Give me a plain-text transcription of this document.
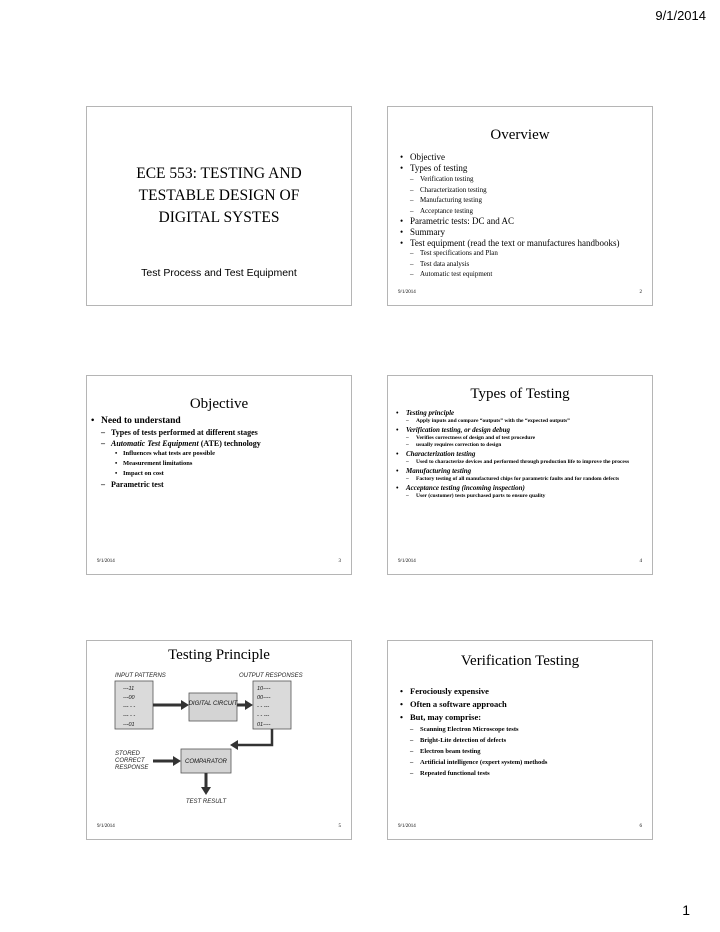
9/1/2014
ECE 553: TESTING AND TESTABLE DESIGN OF DIGITAL SYSTES
Test Process and Test Equipment
Overview
• Objective
• Types of testing
– Verification testing
– Characterization testing
– Manufacturing testing
– Acceptance testing
• Parametric tests: DC and AC
• Summary
• Test equipment (read the text or manufactures handbooks)
– Test specifications and Plan
– Test data analysis
– Automatic test equipment
9/1/2014	2
Objective
• Need to understand
– Types of tests performed at different stages
– Automatic Test Equipment (ATE) technology
• Influences what tests are possible
• Measurement limitations
• Impact on cost
– Parametric test
9/1/2014	3
Types of Testing
• Testing principle
– Apply inputs and compare “outputs” with the “expected outputs”
• Verification testing, or design debug
– Verifies correctness of design and of test procedure
– usually requires correction to design
• Characterization testing
– Used to characterize devices and performed through production life to improve the process
• Manufacturing testing
– Factory testing of all manufactured chips for parametric faults and for random defects
• Acceptance testing (incoming inspection)
– User (customer) tests purchased parts to ensure quality
9/1/2014	4
Testing Principle
INPUT PATTERNS	OUTPUT RESPONSES
---11
---00
--- - -
--- - -
---01
DIGITAL CIRCUIT
10----
00----
- - ---
- - ---
01----
STORED CORRECT RESPONSE
COMPARATOR
TEST RESULT
9/1/2014	5
Verification Testing
• Ferociously expensive
• Often a software approach
• But, may comprise:
– Scanning Electron Microscope tests
– Bright-Lite detection of defects
– Electron beam testing
– Artificial intelligence (expert system) methods
– Repeated functional tests
9/1/2014	6
1
